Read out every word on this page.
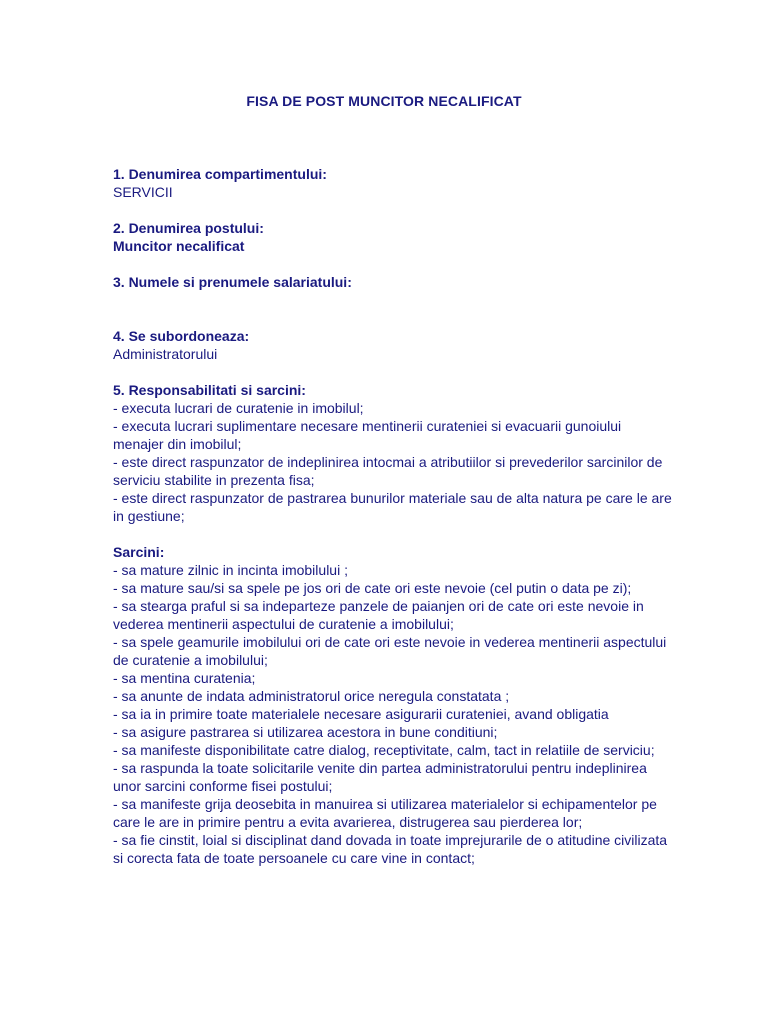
FISA DE POST MUNCITOR NECALIFICAT
1. Denumirea compartimentului:
SERVICII
2. Denumirea postului:
Muncitor necalificat
3. Numele si prenumele salariatului:
4. Se subordoneaza:
Administratorului
5. Responsabilitati si sarcini:
- executa lucrari de curatenie in imobilul;
- executa lucrari suplimentare necesare mentinerii curateniei si evacuarii gunoiului menajer din imobilul;
- este direct raspunzator de indeplinirea intocmai a atributiilor si prevederilor sarcinilor de serviciu stabilite in prezenta fisa;
- este direct raspunzator de pastrarea bunurilor materiale sau de alta natura pe care le are in gestiune;
Sarcini:
- sa mature zilnic in incinta imobilului ;
- sa mature sau/si sa spele pe jos ori de cate ori este nevoie (cel putin o data pe zi);
- sa stearga praful si sa indeparteze panzele de paianjen ori de cate ori este nevoie in vederea mentinerii aspectului de curatenie a imobilului;
- sa spele geamurile imobilului ori de cate ori este nevoie in vederea mentinerii aspectului de curatenie a imobilului;
- sa mentina curatenia;
- sa anunte de indata administratorul orice neregula constatata ;
- sa ia in primire toate materialele necesare asigurarii curateniei, avand obligatia
- sa asigure pastrarea si utilizarea acestora in bune conditiuni;
- sa manifeste disponibilitate catre dialog, receptivitate, calm, tact in relatiile de serviciu;
- sa raspunda la toate solicitarile venite din partea administratorului pentru indeplinirea unor sarcini conforme fisei postului;
- sa manifeste grija deosebita in manuirea si utilizarea materialelor si echipamentelor pe care le are in primire pentru a evita avarierea, distrugerea sau pierderea lor;
- sa fie cinstit, loial si disciplinat dand dovada in toate imprejurarile de o atitudine civilizata si corecta fata de toate persoanele cu care vine in contact;
